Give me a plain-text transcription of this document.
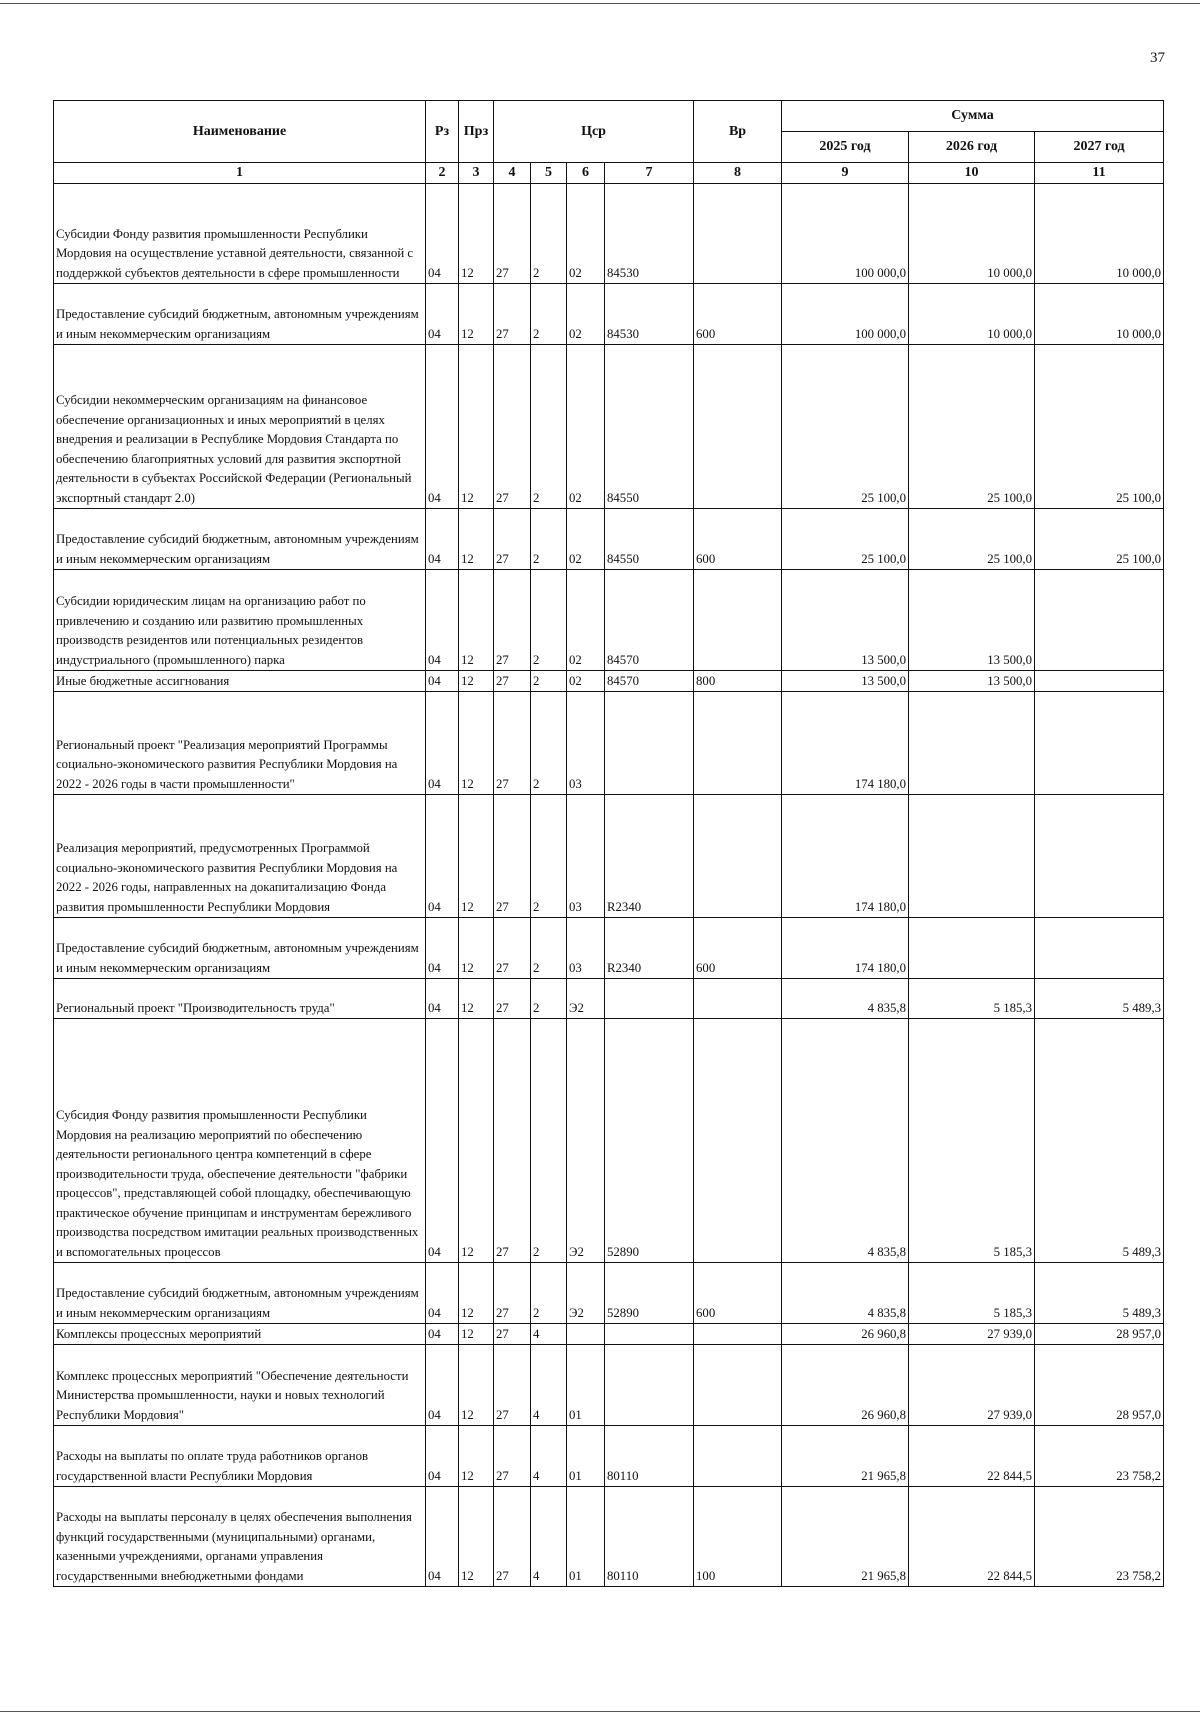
37
Наименование	Рз	Прз	Цср				Вр	Сумма		
								2025 год	2026 год	2027 год
1	2	3	4	5	6	7	8	9	10	11
Субсидии Фонду развития промышленности Республики Мордовия на осуществление уставной деятельности, связанной с поддержкой субъектов деятельности в сфере промышленности	04	12	27	2	02	84530		100 000,0	10 000,0	10 000,0
Предоставление субсидий бюджетным, автономным учреждениям и иным некоммерческим организациям	04	12	27	2	02	84530	600	100 000,0	10 000,0	10 000,0
Субсидии некоммерческим организациям на финансовое обеспечение организационных и иных мероприятий в целях внедрения и реализации в Республике Мордовия Стандарта по обеспечению благоприятных условий для развития экспортной деятельности в субъектах Российской Федерации (Региональный экспортный стандарт 2.0)	04	12	27	2	02	84550		25 100,0	25 100,0	25 100,0
Предоставление субсидий бюджетным, автономным учреждениям и иным некоммерческим организациям	04	12	27	2	02	84550	600	25 100,0	25 100,0	25 100,0
Субсидии юридическим лицам на организацию работ по привлечению и созданию или развитию промышленных производств резидентов или потенциальных резидентов индустриального (промышленного) парка	04	12	27	2	02	84570		13 500,0	13 500,0	
Иные бюджетные ассигнования	04	12	27	2	02	84570	800	13 500,0	13 500,0	
Региональный проект "Реализация мероприятий Программы социально-экономического развития Республики Мордовия на 2022 - 2026 годы в части промышленности"	04	12	27	2	03			174 180,0		
Реализация мероприятий, предусмотренных Программой социально-экономического развития Республики Мордовия на 2022 - 2026 годы, направленных на докапитализацию Фонда развития промышленности Республики Мордовия	04	12	27	2	03	R2340		174 180,0		
Предоставление субсидий бюджетным, автономным учреждениям и иным некоммерческим организациям	04	12	27	2	03	R2340	600	174 180,0		
Региональный проект "Производительность труда"	04	12	27	2	Э2			4 835,8	5 185,3	5 489,3
Субсидия Фонду развития промышленности Республики Мордовия на реализацию мероприятий по обеспечению деятельности регионального центра компетенций в сфере производительности труда, обеспечение деятельности "фабрики процессов", представляющей собой площадку, обеспечивающую практическое обучение принципам и инструментам бережливого производства посредством имитации реальных производственных и вспомогательных процессов	04	12	27	2	Э2	52890		4 835,8	5 185,3	5 489,3
Предоставление субсидий бюджетным, автономным учреждениям и иным некоммерческим организациям	04	12	27	2	Э2	52890	600	4 835,8	5 185,3	5 489,3
Комплексы процессных мероприятий	04	12	27	4				26 960,8	27 939,0	28 957,0
Комплекс процессных мероприятий "Обеспечение деятельности Министерства промышленности, науки и новых технологий Республики Мордовия"	04	12	27	4	01			26 960,8	27 939,0	28 957,0
Расходы на выплаты по оплате труда работников органов государственной власти Республики Мордовия	04	12	27	4	01	80110		21 965,8	22 844,5	23 758,2
Расходы на выплаты персоналу в целях обеспечения выполнения функций государственными (муниципальными) органами, казенными учреждениями, органами управления государственными внебюджетными фондами	04	12	27	4	01	80110	100	21 965,8	22 844,5	23 758,2
